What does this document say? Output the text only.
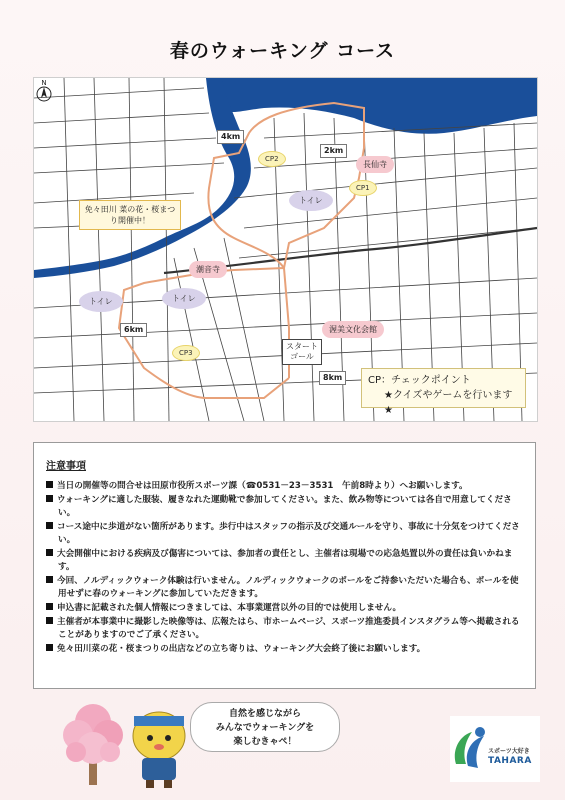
春のウォーキング コース
N
4km
2km
6km
8km
CP1
CP2
CP3
長仙寺
潮音寺
渥美文化会館
トイレ
トイレ	トイレ
免々田川 菜の花・桜まつり開催中！
スタート
ゴール
CP：チェックポイント
★クイズやゲームを行います★
注意事項
当日の開催等の問合せは田原市役所スポーツ課（☎0531－23－3531　午前8時より）へお願いします。
ウォーキングに適した服装、履きなれた運動靴で参加してください。また、飲み物等については各自で用意してください。
コース途中に歩道がない箇所があります。歩行中はスタッフの指示及び交通ルールを守り、事故に十分気をつけてください。
大会開催中における疾病及び傷害については、参加者の責任とし、主催者は現場での応急処置以外の責任は負いかねます。
今回、ノルディックウォーク体験は行いません。ノルディックウォークのポールをご持参いただいた場合も、ポールを使用せずに春のウォーキングに参加していただきます。
申込書に記載された個人情報につきましては、本事業運営以外の目的では使用しません。
主催者が本事業中に撮影した映像等は、広報たはら、市ホームページ、スポーツ推進委員インスタグラム等へ掲載されることがありますのでご了承ください。
免々田川菜の花・桜まつりの出店などの立ち寄りは、ウォーキング大会終了後にお願いします。
自然を感じながら
みんなでウォーキングを
楽しむきゃぺ！
スポーツ大好き
TAHARA
